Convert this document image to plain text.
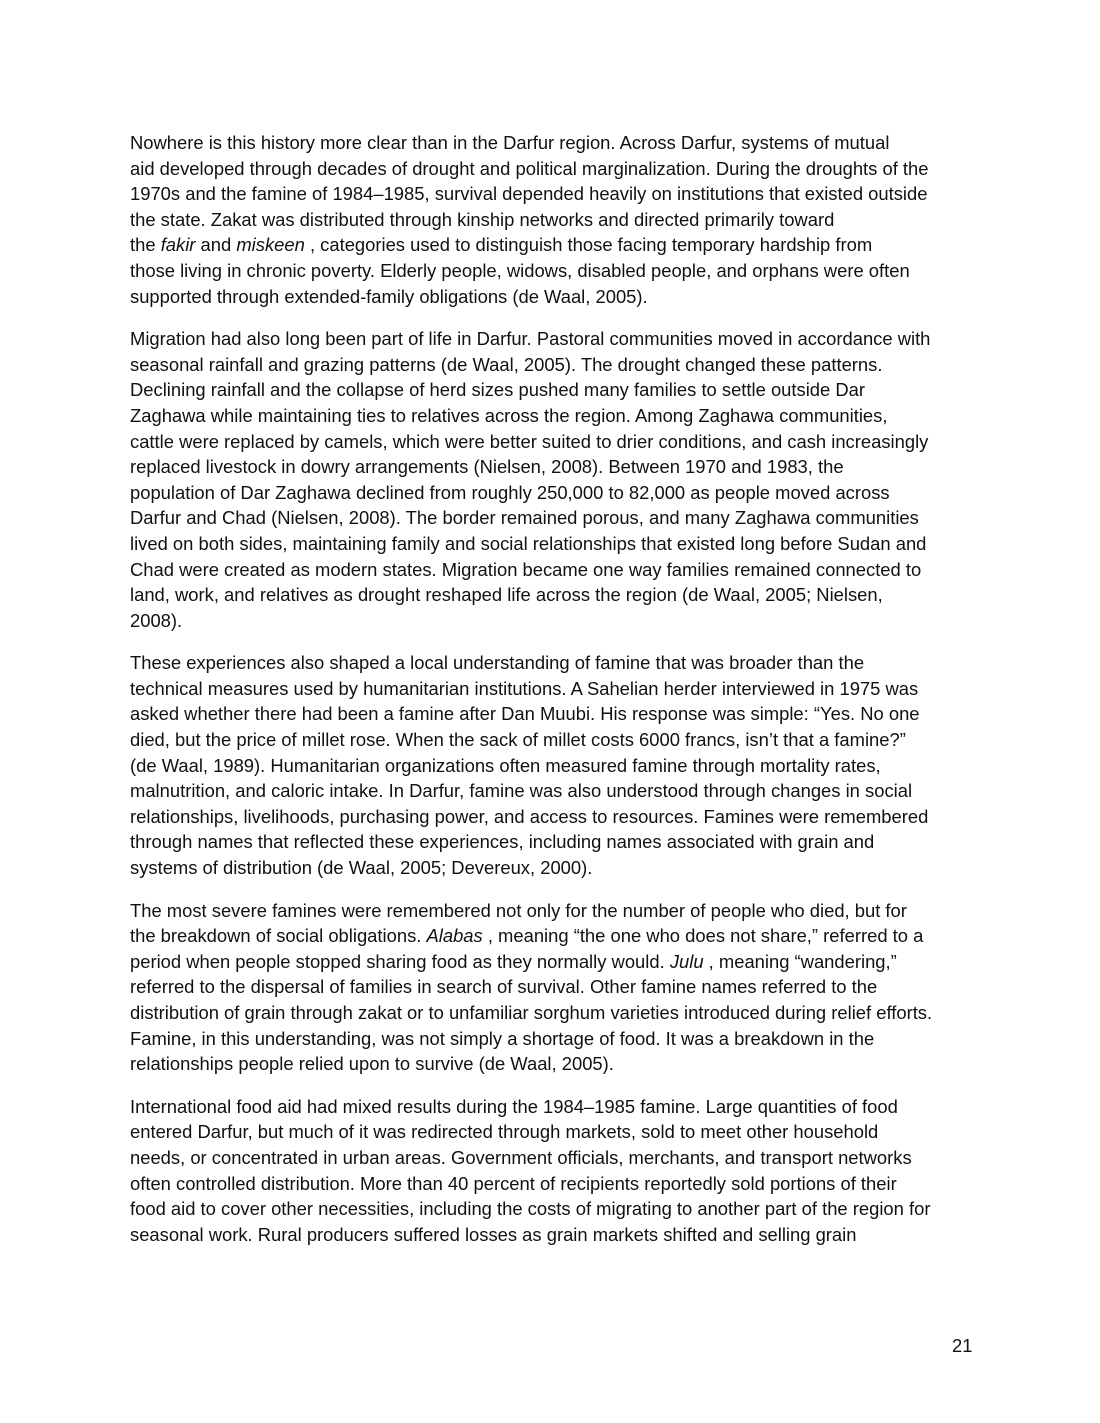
Nowhere is this history more clear than in the Darfur region. Across Darfur, systems of mutual
aid developed through decades of drought and political marginalization. During the droughts of the
1970s and the famine of 1984–1985, survival depended heavily on institutions that existed outside
the state. Zakat was distributed through kinship networks and directed primarily toward
the fakir and miskeen , categories used to distinguish those facing temporary hardship from
those living in chronic poverty. Elderly people, widows, disabled people, and orphans were often
supported through extended-family obligations (de Waal, 2005).

Migration had also long been part of life in Darfur. Pastoral communities moved in accordance with
seasonal rainfall and grazing patterns (de Waal, 2005). The drought changed these patterns.
Declining rainfall and the collapse of herd sizes pushed many families to settle outside Dar
Zaghawa while maintaining ties to relatives across the region. Among Zaghawa communities,
cattle were replaced by camels, which were better suited to drier conditions, and cash increasingly
replaced livestock in dowry arrangements (Nielsen, 2008). Between 1970 and 1983, the
population of Dar Zaghawa declined from roughly 250,000 to 82,000 as people moved across
Darfur and Chad (Nielsen, 2008). The border remained porous, and many Zaghawa communities
lived on both sides, maintaining family and social relationships that existed long before Sudan and
Chad were created as modern states. Migration became one way families remained connected to
land, work, and relatives as drought reshaped life across the region (de Waal, 2005; Nielsen,
2008).

These experiences also shaped a local understanding of famine that was broader than the
technical measures used by humanitarian institutions. A Sahelian herder interviewed in 1975 was
asked whether there had been a famine after Dan Muubi. His response was simple: “Yes. No one
died, but the price of millet rose. When the sack of millet costs 6000 francs, isn’t that a famine?”
(de Waal, 1989). Humanitarian organizations often measured famine through mortality rates,
malnutrition, and caloric intake. In Darfur, famine was also understood through changes in social
relationships, livelihoods, purchasing power, and access to resources. Famines were remembered
through names that reflected these experiences, including names associated with grain and
systems of distribution (de Waal, 2005; Devereux, 2000).

The most severe famines were remembered not only for the number of people who died, but for
the breakdown of social obligations. Alabas , meaning “the one who does not share,” referred to a
period when people stopped sharing food as they normally would. Julu , meaning “wandering,”
referred to the dispersal of families in search of survival. Other famine names referred to the
distribution of grain through zakat or to unfamiliar sorghum varieties introduced during relief efforts.
Famine, in this understanding, was not simply a shortage of food. It was a breakdown in the
relationships people relied upon to survive (de Waal, 2005).

International food aid had mixed results during the 1984–1985 famine. Large quantities of food
entered Darfur, but much of it was redirected through markets, sold to meet other household
needs, or concentrated in urban areas. Government officials, merchants, and transport networks
often controlled distribution. More than 40 percent of recipients reportedly sold portions of their
food aid to cover other necessities, including the costs of migrating to another part of the region for
seasonal work. Rural producers suffered losses as grain markets shifted and selling grain

21
